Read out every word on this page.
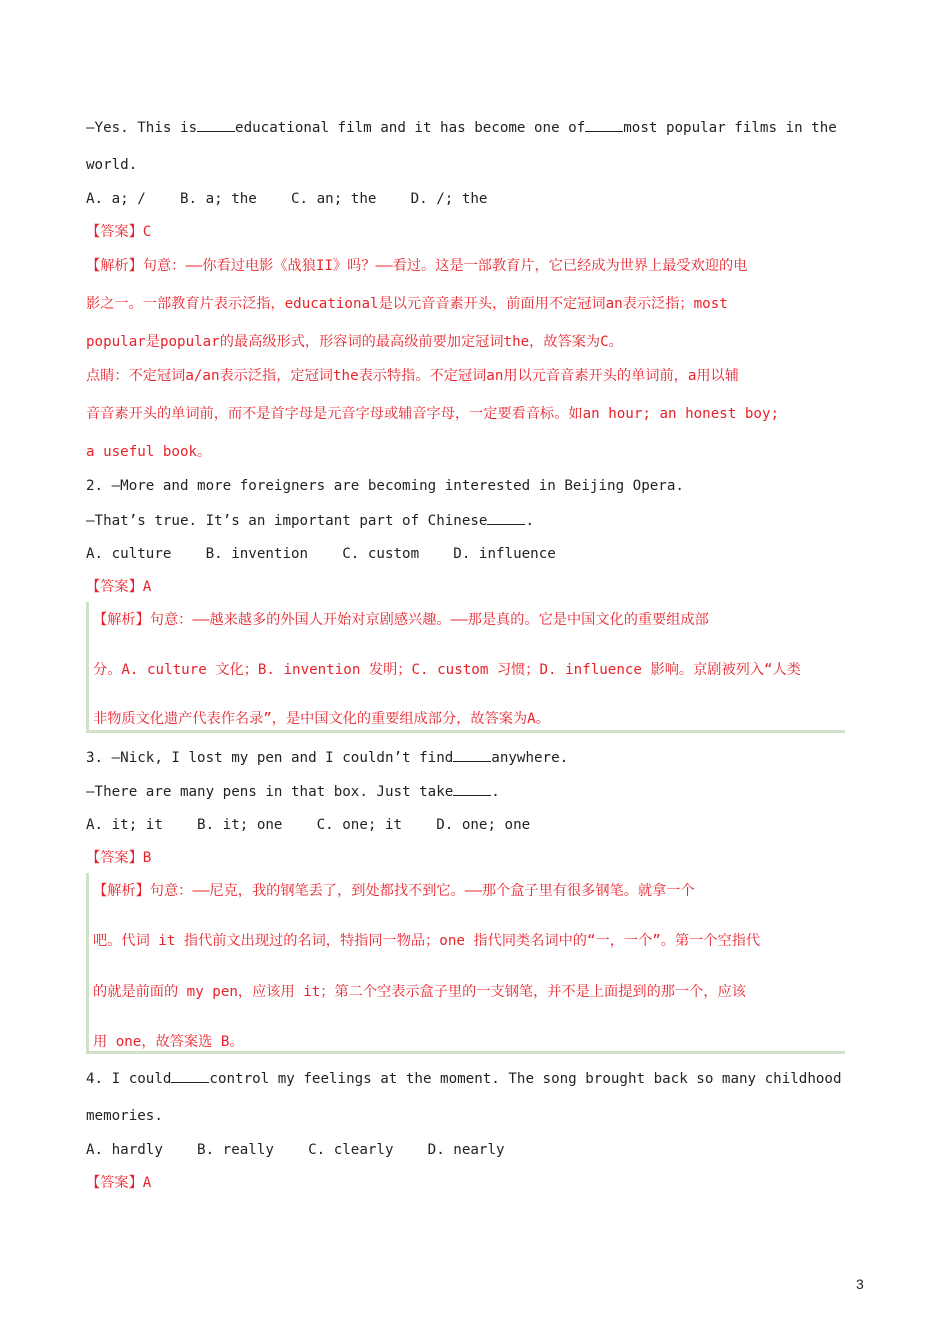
—Yes. This is	educational film and it has become one of	most popular films in the
world.
A. a; /    B. a; the    C. an; the    D. /; the
【答案】C
【解析】句意：——你看过电影《战狼II》吗？——看过。这是一部教育片，它已经成为世界上最受欢迎的电
影之一。一部教育片表示泛指，educational是以元音音素开头，前面用不定冠词an表示泛指；most
popular是popular的最高级形式，形容词的最高级前要加定冠词the，故答案为C。
点睛：不定冠词a/an表示泛指，定冠词the表示特指。不定冠词an用以元音音素开头的单词前，a用以辅
音音素开头的单词前，而不是首字母是元音字母或辅音字母，一定要看音标。如an hour; an honest boy;
a useful book。
2. —More and more foreigners are becoming interested in Beijing Opera.
—That’s true. It’s an important part of Chinese	.
A. culture    B. invention    C. custom    D. influence
【答案】A
【解析】句意：——越来越多的外国人开始对京剧感兴趣。——那是真的。它是中国文化的重要组成部
分。A. culture 文化；B. invention 发明；C. custom 习惯；D. influence 影响。京剧被列入“人类
非物质文化遗产代表作名录”，是中国文化的重要组成部分，故答案为A。
3. —Nick, I lost my pen and I couldn’t find	anywhere.
—There are many pens in that box. Just take	.
A. it; it    B. it; one    C. one; it    D. one; one
【答案】B
【解析】句意：——尼克，我的钢笔丢了，到处都找不到它。——那个盒子里有很多钢笔。就拿一个
吧。代词 it 指代前文出现过的名词，特指同一物品；one 指代同类名词中的“一，一个”。第一个空指代
的就是前面的 my pen，应该用 it；第二个空表示盒子里的一支钢笔，并不是上面提到的那一个，应该
用 one，故答案选 B。
4. I could	control my feelings at the moment. The song brought back so many childhood
memories.
A. hardly    B. really    C. clearly    D. nearly
【答案】A
3
